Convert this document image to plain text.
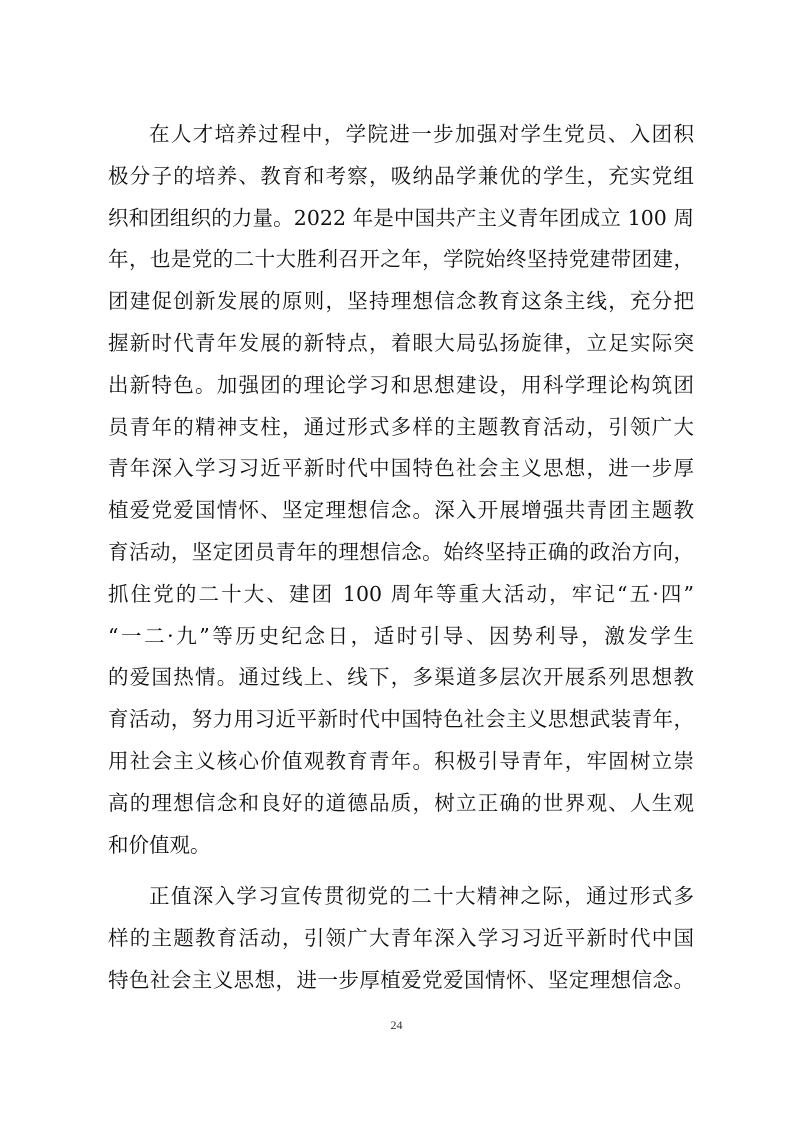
在人才培养过程中，学院进一步加强对学生党员、入团积
极分子的培养、教育和考察，吸纳品学兼优的学生，充实党组
织和团组织的力量。2022 年是中国共产主义青年团成立 100 周
年，也是党的二十大胜利召开之年，学院始终坚持党建带团建，
团建促创新发展的原则，坚持理想信念教育这条主线，充分把
握新时代青年发展的新特点，着眼大局弘扬旋律，立足实际突
出新特色。加强团的理论学习和思想建设，用科学理论构筑团
员青年的精神支柱，通过形式多样的主题教育活动，引领广大
青年深入学习习近平新时代中国特色社会主义思想，进一步厚
植爱党爱国情怀、坚定理想信念。深入开展增强共青团主题教
育活动，坚定团员青年的理想信念。始终坚持正确的政治方向，
抓住党的二十大、建团 100 周年等重大活动，牢记“五·四”
“一二·九”等历史纪念日，适时引导、因势利导，激发学生
的爱国热情。通过线上、线下，多渠道多层次开展系列思想教
育活动，努力用习近平新时代中国特色社会主义思想武装青年，
用社会主义核心价值观教育青年。积极引导青年，牢固树立崇
高的理想信念和良好的道德品质，树立正确的世界观、人生观
和价值观。
正值深入学习宣传贯彻党的二十大精神之际，通过形式多
样的主题教育活动，引领广大青年深入学习习近平新时代中国
特色社会主义思想，进一步厚植爱党爱国情怀、坚定理想信念。
24
